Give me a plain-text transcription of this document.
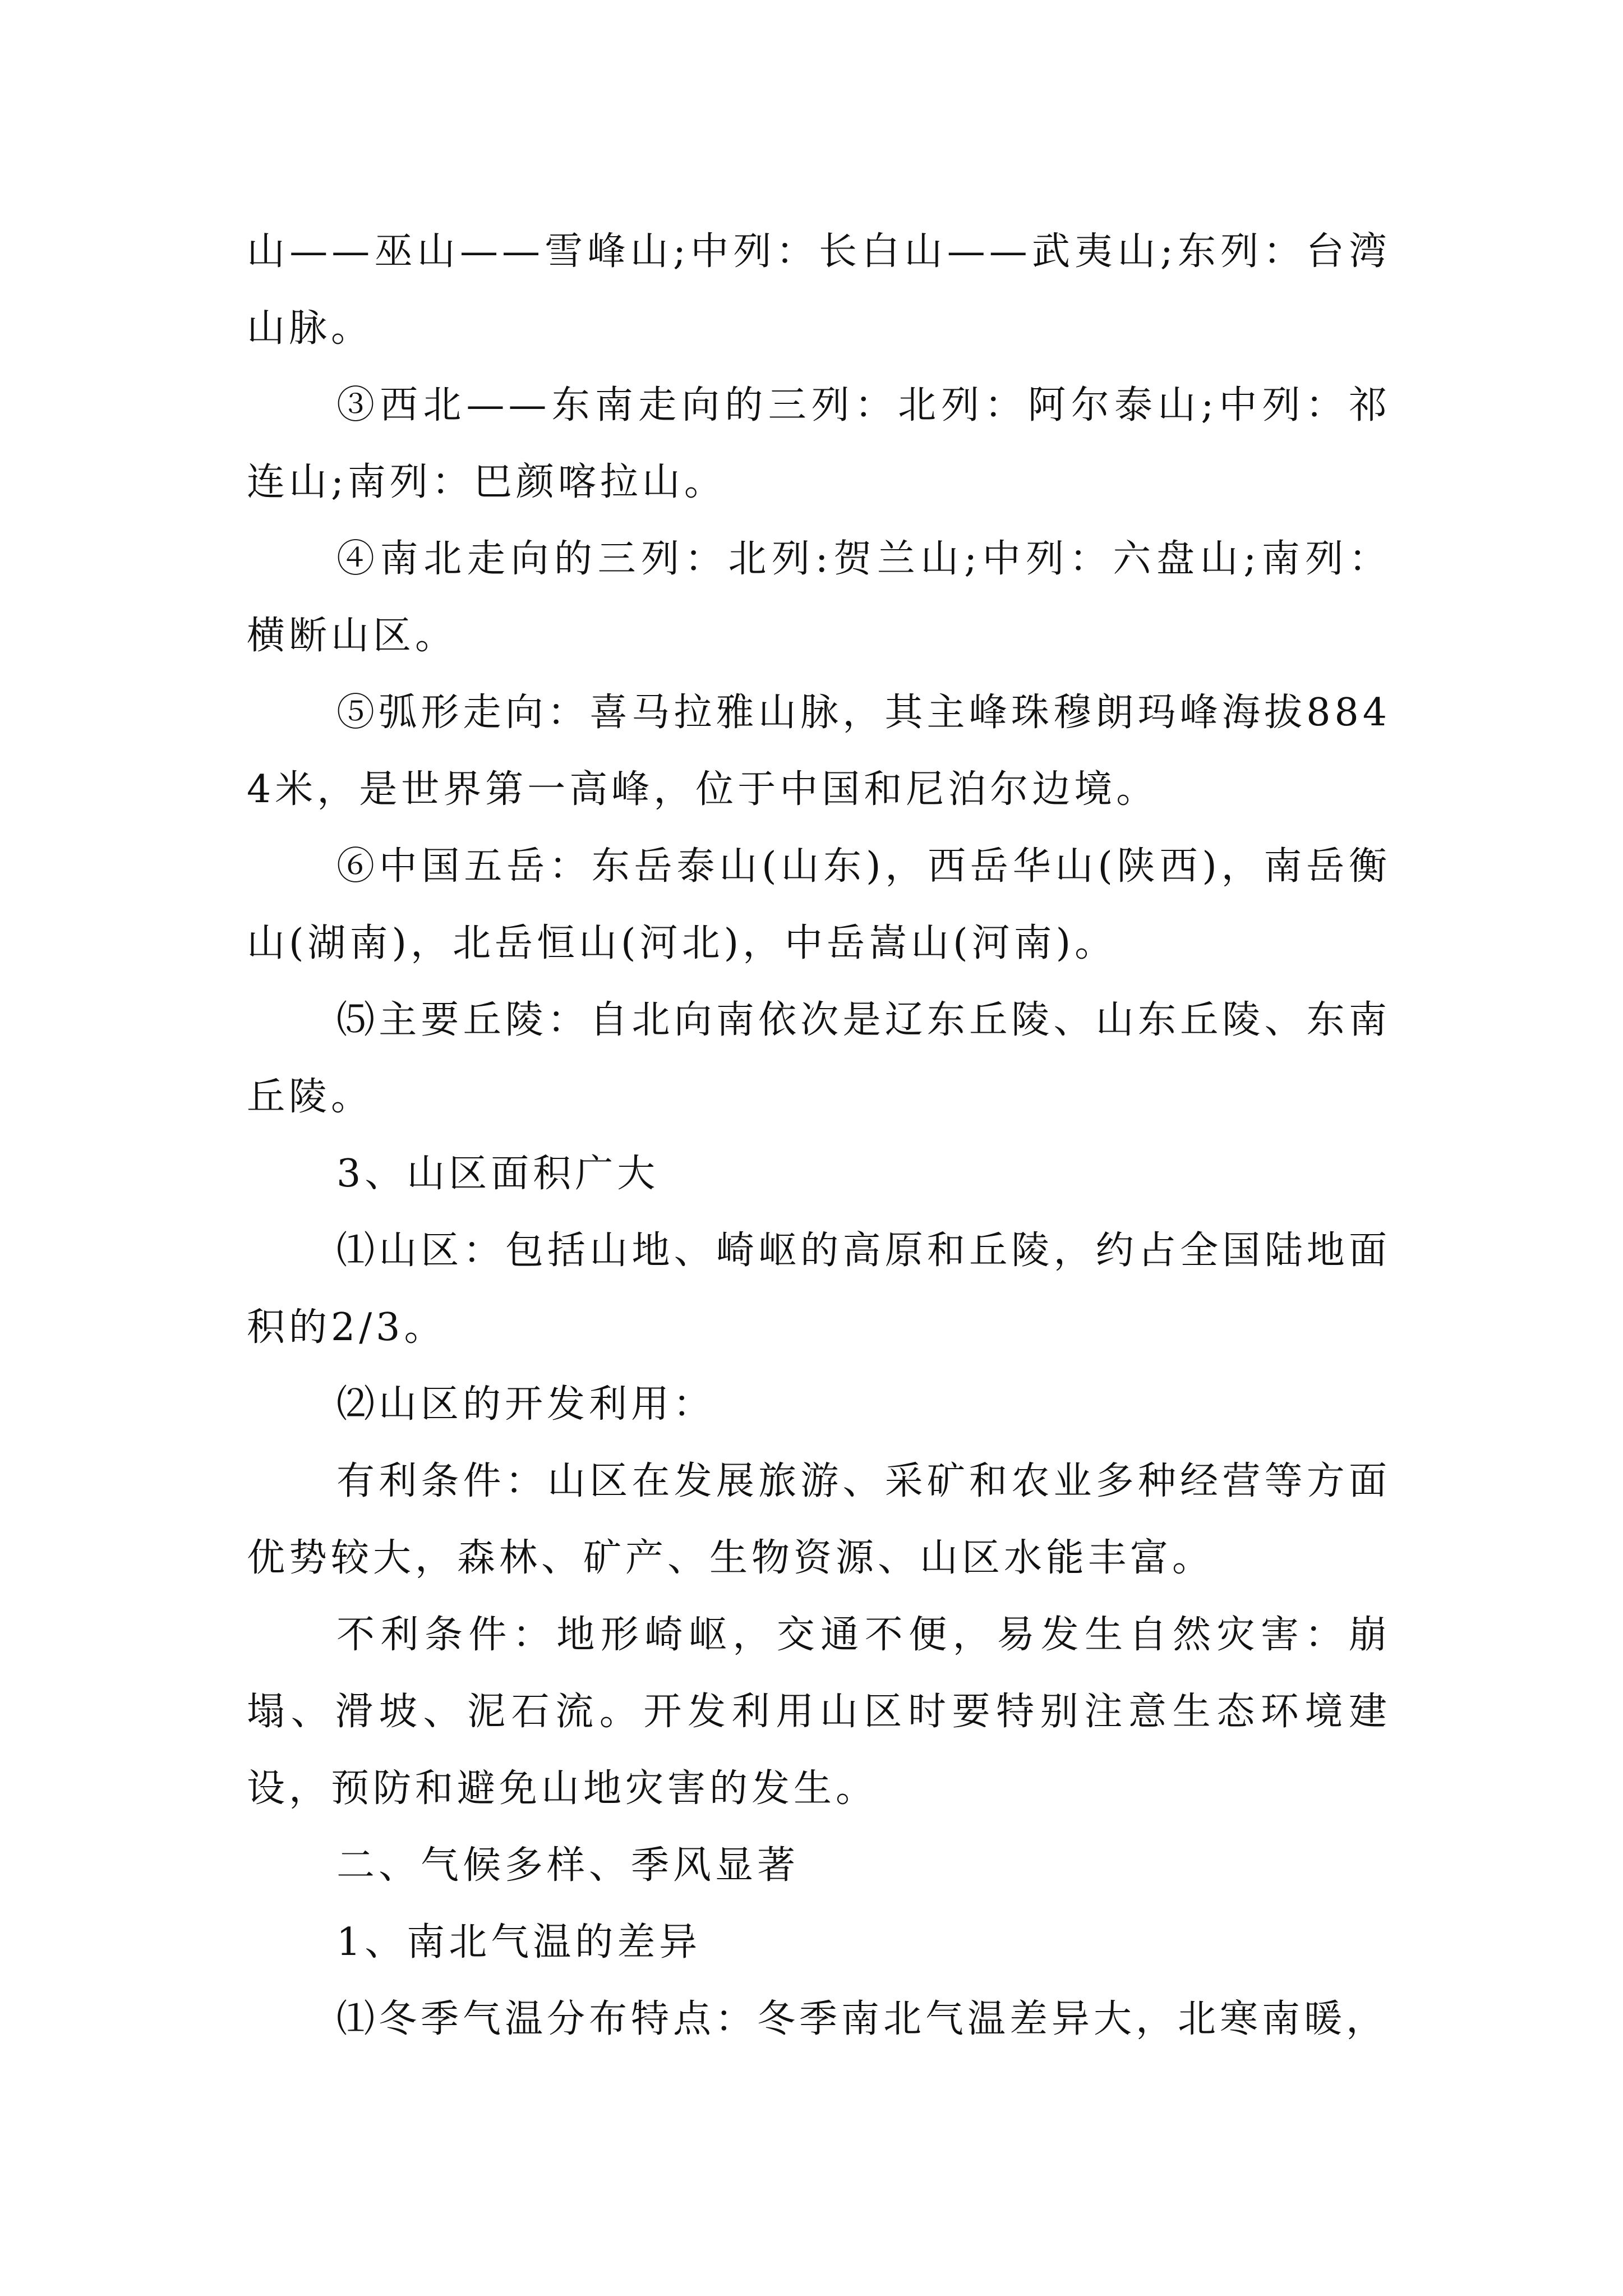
山——巫山——雪峰山;中列：长白山——武夷山;东列：台湾山脉。

③西北——东南走向的三列：北列：阿尔泰山;中列：祁连山;南列：巴颜喀拉山。

④南北走向的三列：北列:贺兰山;中列：六盘山;南列：横断山区。

⑤弧形走向：喜马拉雅山脉，其主峰珠穆朗玛峰海拔8844米，是世界第一高峰，位于中国和尼泊尔边境。

⑥中国五岳：东岳泰山(山东)，西岳华山(陕西)，南岳衡山(湖南)，北岳恒山(河北)，中岳嵩山(河南)。

⑸主要丘陵：自北向南依次是辽东丘陵、山东丘陵、东南丘陵。

3、山区面积广大

⑴山区：包括山地、崎岖的高原和丘陵，约占全国陆地面积的2/3。

⑵山区的开发利用：

有利条件：山区在发展旅游、采矿和农业多种经营等方面优势较大，森林、矿产、生物资源、山区水能丰富。

不利条件：地形崎岖，交通不便，易发生自然灾害：崩塌、滑坡、泥石流。开发利用山区时要特别注意生态环境建设，预防和避免山地灾害的发生。

二、气候多样、季风显著

1、南北气温的差异

⑴冬季气温分布特点：冬季南北气温差异大，北寒南暖，
